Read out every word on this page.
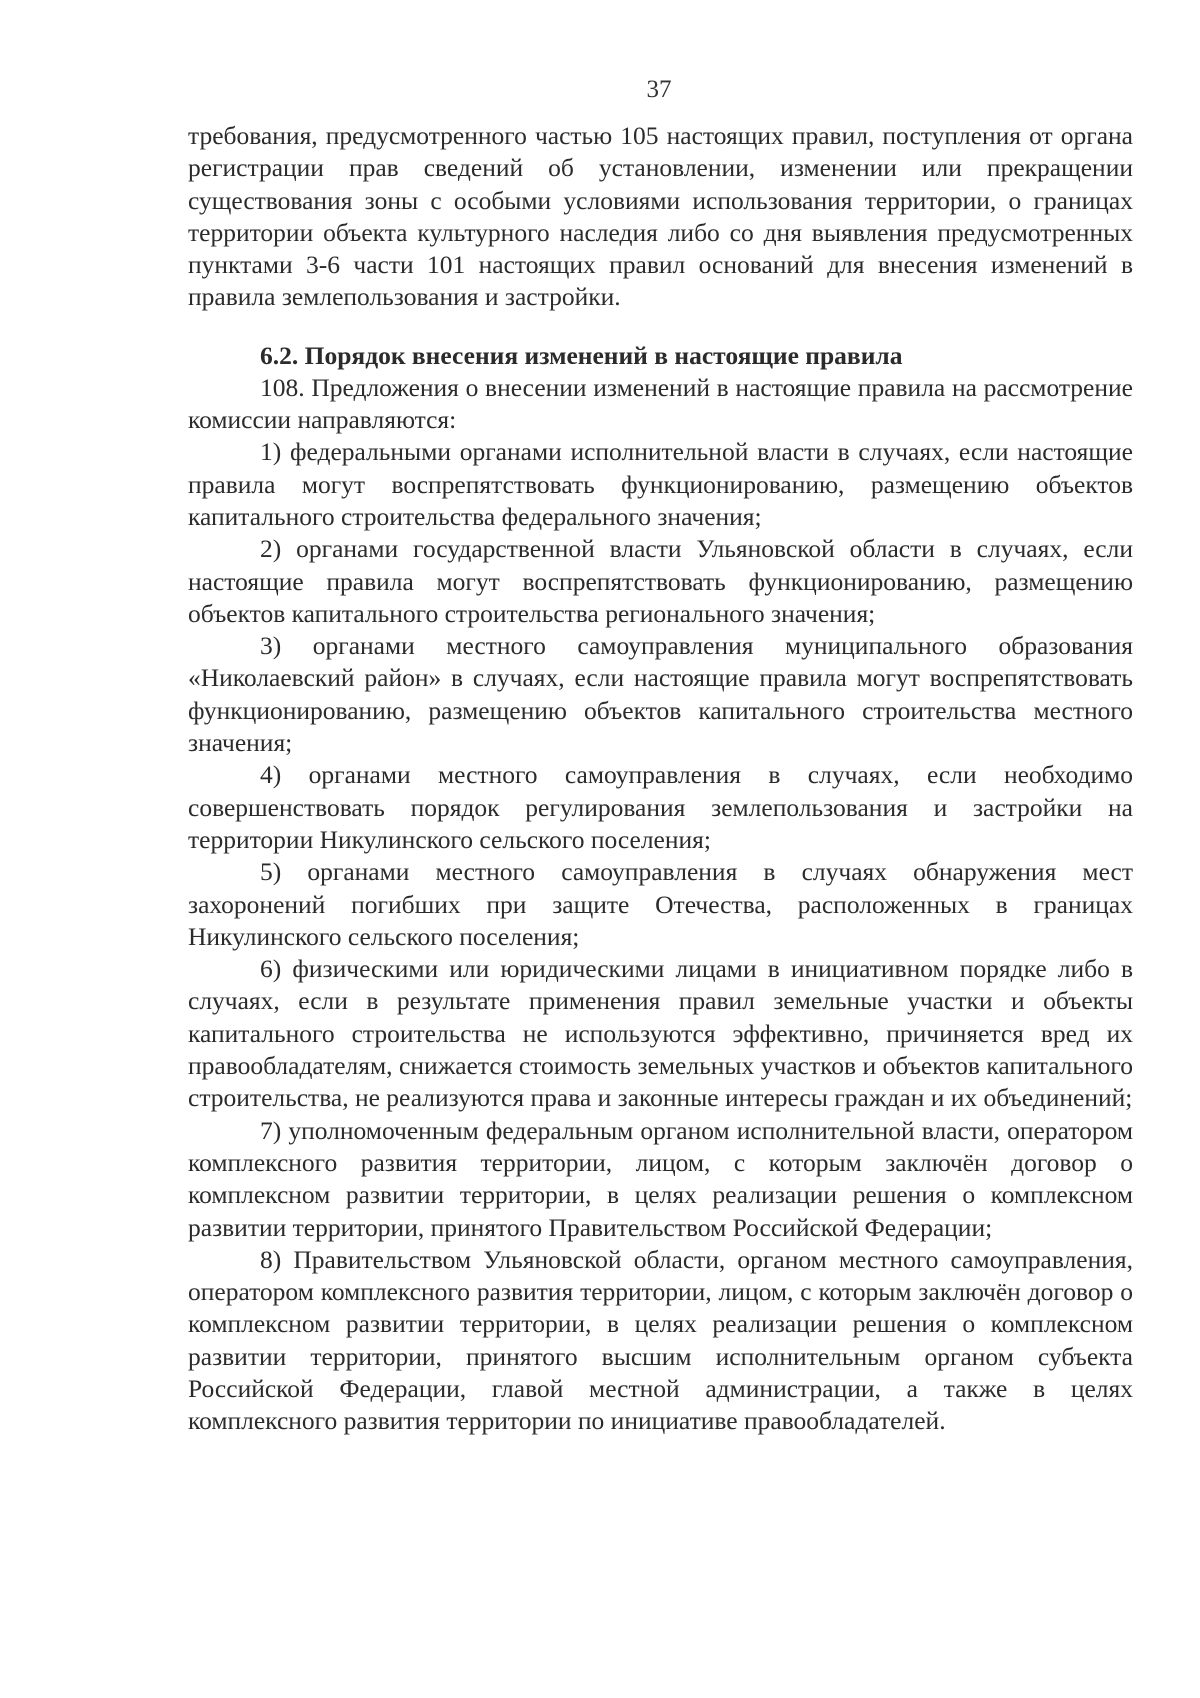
37

требования, предусмотренного частью 105 настоящих правил, поступления от органа регистрации прав сведений об установлении, изменении или прекращении существования зоны с особыми условиями использования территории, о границах территории объекта культурного наследия либо со дня выявления предусмотренных пунктами 3-6 части 101 настоящих правил оснований для внесения изменений в правила землепользования и застройки.

6.2. Порядок внесения изменений в настоящие правила

108. Предложения о внесении изменений в настоящие правила на рассмотрение комиссии направляются:

1) федеральными органами исполнительной власти в случаях, если настоящие правила могут воспрепятствовать функционированию, размещению объектов капитального строительства федерального значения;

2) органами государственной власти Ульяновской области в случаях, если настоящие правила могут воспрепятствовать функционированию, размещению объектов капитального строительства регионального значения;

3) органами местного самоуправления муниципального образования «Николаевский район» в случаях, если настоящие правила могут воспрепятствовать функционированию, размещению объектов капитального строительства местного значения;

4) органами местного самоуправления в случаях, если необходимо совершенствовать порядок регулирования землепользования и застройки на территории Никулинского сельского поселения;

5) органами местного самоуправления в случаях обнаружения мест захоронений погибших при защите Отечества, расположенных в границах Никулинского сельского поселения;

6) физическими или юридическими лицами в инициативном порядке либо в случаях, если в результате применения правил земельные участки и объекты капитального строительства не используются эффективно, причиняется вред их правообладателям, снижается стоимость земельных участков и объектов капитального строительства, не реализуются права и законные интересы граждан и их объединений;

7) уполномоченным федеральным органом исполнительной власти, оператором комплексного развития территории, лицом, с которым заключён договор о комплексном развитии территории, в целях реализации решения о комплексном развитии территории, принятого Правительством Российской Федерации;

8) Правительством Ульяновской области, органом местного самоуправления, оператором комплексного развития территории, лицом, с которым заключён договор о комплексном развитии территории, в целях реализации решения о комплексном развитии территории, принятого высшим исполнительным органом субъекта Российской Федерации, главой местной администрации, а также в целях комплексного развития территории по инициативе правообладателей.
